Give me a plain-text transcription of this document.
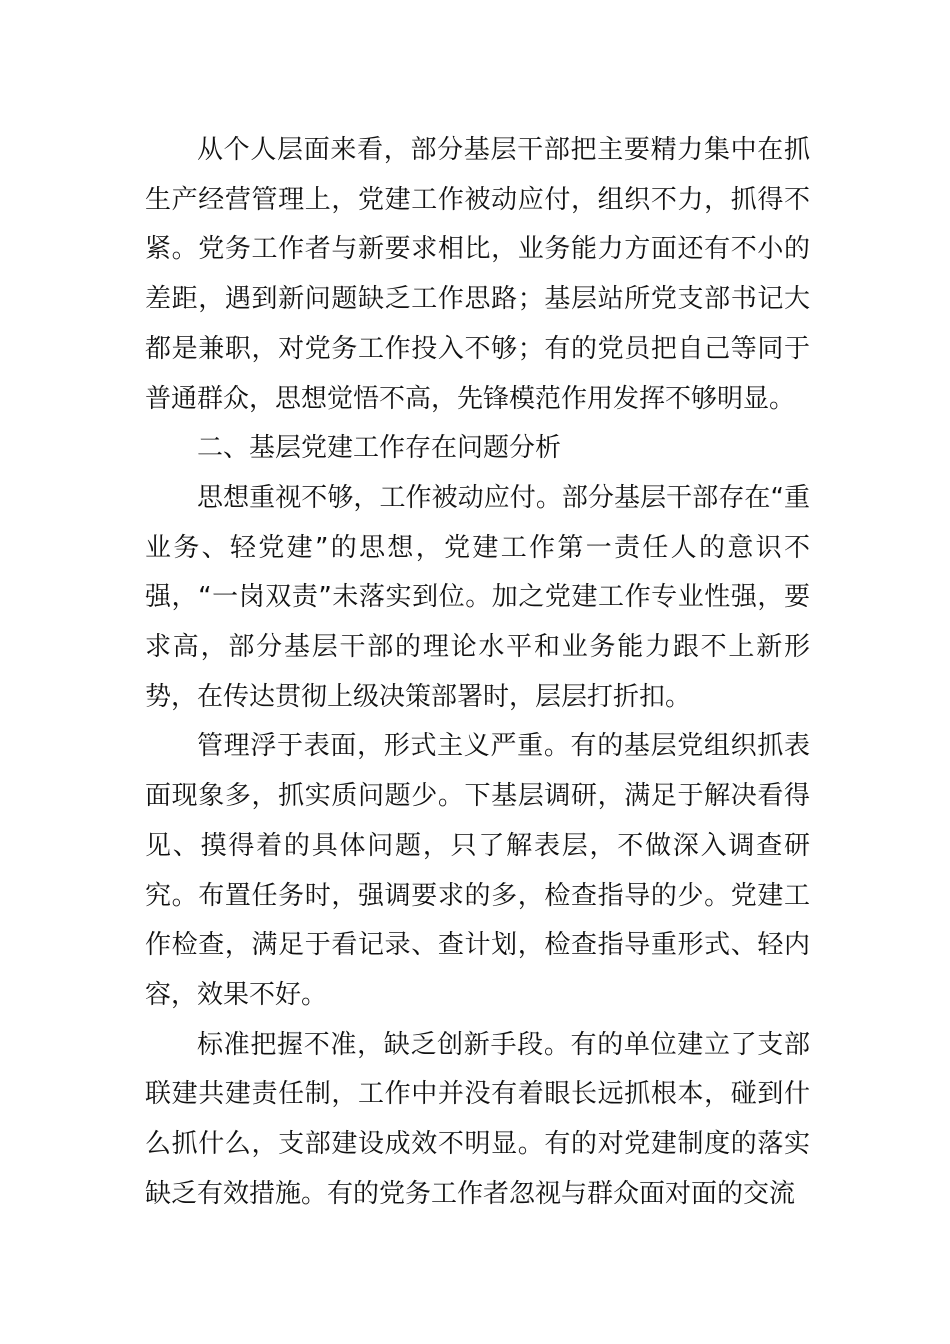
从个人层面来看，部分基层干部把主要精力集中在抓生产经营管理上，党建工作被动应付，组织不力，抓得不紧。党务工作者与新要求相比，业务能力方面还有不小的差距，遇到新问题缺乏工作思路；基层站所党支部书记大都是兼职，对党务工作投入不够；有的党员把自己等同于普通群众，思想觉悟不高，先锋模范作用发挥不够明显。

二、基层党建工作存在问题分析

思想重视不够，工作被动应付。部分基层干部存在“重业务、轻党建”的思想，党建工作第一责任人的意识不强，“一岗双责”未落实到位。加之党建工作专业性强，要求高，部分基层干部的理论水平和业务能力跟不上新形势，在传达贯彻上级决策部署时，层层打折扣。

管理浮于表面，形式主义严重。有的基层党组织抓表面现象多，抓实质问题少。下基层调研，满足于解决看得见、摸得着的具体问题，只了解表层，不做深入调查研究。布置任务时，强调要求的多，检查指导的少。党建工作检查，满足于看记录、查计划，检查指导重形式、轻内容，效果不好。

标准把握不准，缺乏创新手段。有的单位建立了支部联建共建责任制，工作中并没有着眼长远抓根本，碰到什么抓什么，支部建设成效不明显。有的对党建制度的落实缺乏有效措施。有的党务工作者忽视与群众面对面的交流
